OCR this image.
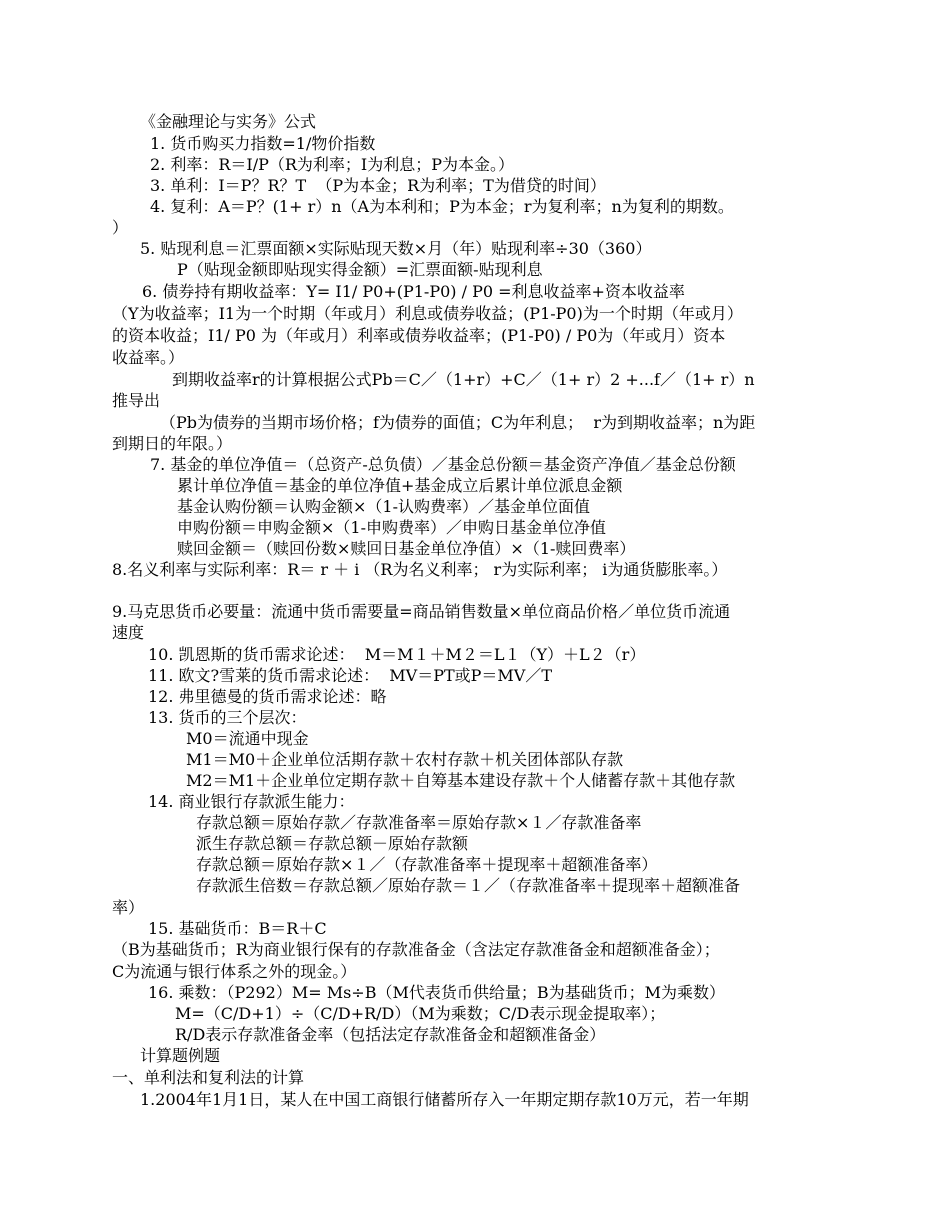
《金融理论与实务》公式
1. 货币购买力指数=1/物价指数
2. 利率：R＝I/P（R为利率；I为利息；P为本金。）
3. 单利：I＝P？R？T  （P为本金；R为利率；T为借贷的时间）
4. 复利：A＝P？(1+ r）n（A为本利和；P为本金；r为复利率；n为复利的期数。
）
5. 贴现利息＝汇票面额×实际贴现天数×月（年）贴现利率÷30（360）
P（贴现金额即贴现实得金额）=汇票面额-贴现利息
6. 债券持有期收益率：Y= I1/ P0+(P1-P0) / P0 =利息收益率+资本收益率
（Y为收益率；I1为一个时期（年或月）利息或债券收益；(P1-P0)为一个时期（年或月）
的资本收益；I1/ P0 为（年或月）利率或债券收益率；(P1-P0) / P0为（年或月）资本
收益率。）
到期收益率r的计算根据公式Pb＝C／（1+r）+C／（1+ r）2 +...f／（1+ r）n
推导出
（Pb为债券的当期市场价格；f为债券的面值；C为年利息；  r为到期收益率；n为距
到期日的年限。）
7. 基金的单位净值＝（总资产-总负债）／基金总份额＝基金资产净值／基金总份额
累计单位净值＝基金的单位净值+基金成立后累计单位派息金额
基金认购份额＝认购金额×（1-认购费率）／基金单位面值
申购份额＝申购金额×（1-申购费率）／申购日基金单位净值
赎回金额＝（赎回份数×赎回日基金单位净值）×（1-赎回费率）
8.名义利率与实际利率：R＝ r ＋ i （R为名义利率； r为实际利率； i为通货膨胀率。）
9.马克思货币必要量：流通中货币需要量=商品销售数量×单位商品价格／单位货币流通
速度
10. 凯恩斯的货币需求论述：  M＝M１＋M２＝L１（Y）＋L２（r）
11. 欧文?雪莱的货币需求论述：  MV＝PT或P＝MV／T
12. 弗里德曼的货币需求论述：略
13. 货币的三个层次：
M0＝流通中现金
M1＝M0＋企业单位活期存款＋农村存款＋机关团体部队存款
M2＝M1＋企业单位定期存款＋自筹基本建设存款＋个人储蓄存款＋其他存款
14. 商业银行存款派生能力：
存款总额＝原始存款／存款准备率＝原始存款×１／存款准备率
派生存款总额＝存款总额－原始存款额
存款总额＝原始存款×１／（存款准备率＋提现率＋超额准备率）
存款派生倍数＝存款总额／原始存款＝１／（存款准备率＋提现率＋超额准备
率）
15. 基础货币：B＝R＋C
（B为基础货币；R为商业银行保有的存款准备金（含法定存款准备金和超额准备金）；
C为流通与银行体系之外的现金。）
16. 乘数：（P292）M= Ms÷B（M代表货币供给量；B为基础货币；M为乘数）
M=（C/D+1）÷（C/D+R/D）（M为乘数；C/D表示现金提取率）；
R/D表示存款准备金率（包括法定存款准备金和超额准备金）
计算题例题
一、单利法和复利法的计算
1.2004年1月1日，某人在中国工商银行储蓄所存入一年期定期存款10万元，若一年期
